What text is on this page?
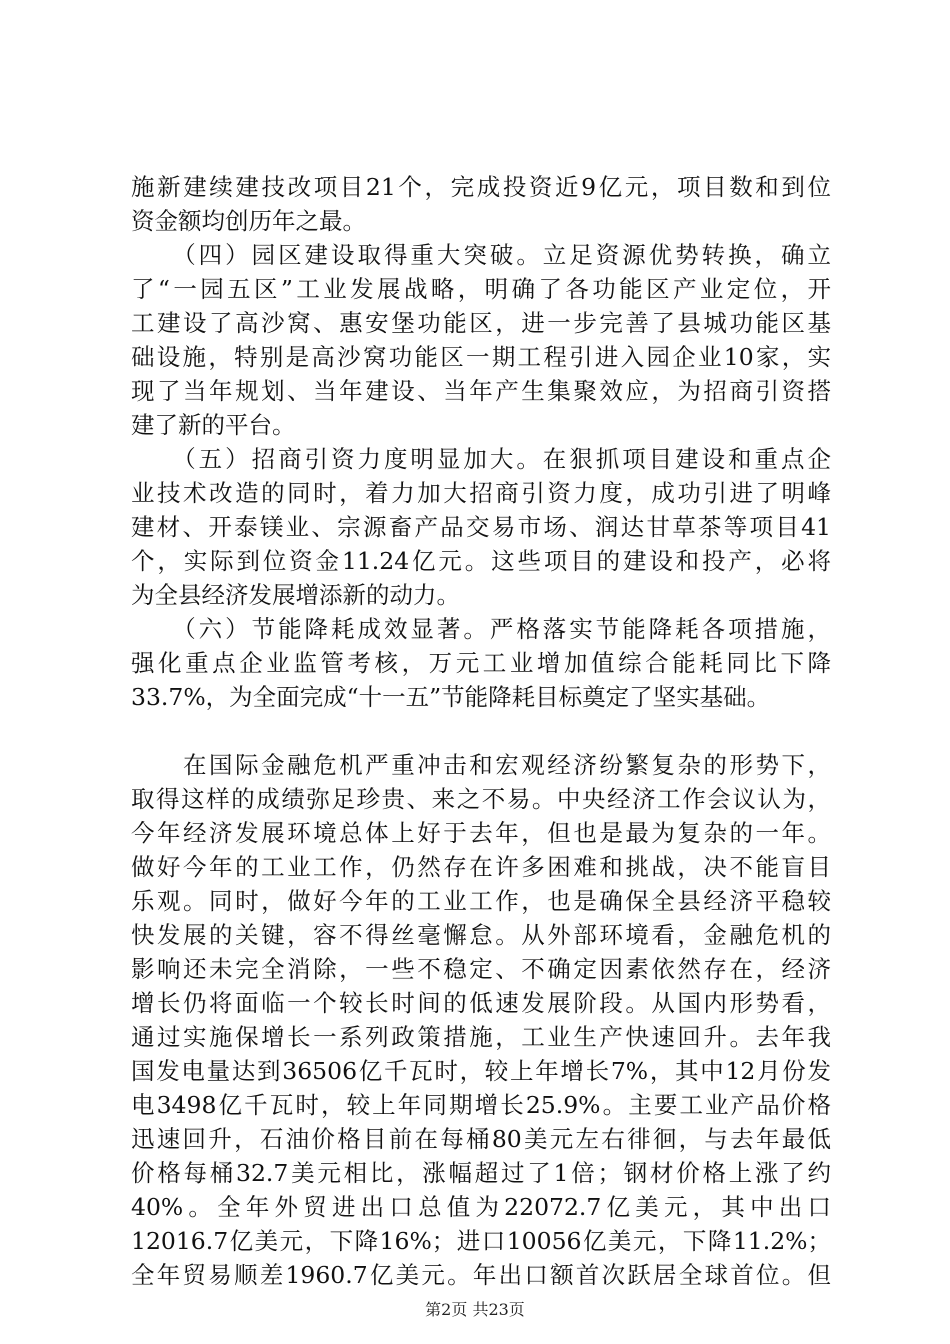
施新建续建技改项目21个，完成投资近9亿元，项目数和到位
资金额均创历年之最。
　　（四）园区建设取得重大突破。立足资源优势转换，确立
了“一园五区”工业发展战略，明确了各功能区产业定位，开
工建设了高沙窝、惠安堡功能区，进一步完善了县城功能区基
础设施，特别是高沙窝功能区一期工程引进入园企业10家，实
现了当年规划、当年建设、当年产生集聚效应，为招商引资搭
建了新的平台。
　　（五）招商引资力度明显加大。在狠抓项目建设和重点企
业技术改造的同时，着力加大招商引资力度，成功引进了明峰
建材、开泰镁业、宗源畜产品交易市场、润达甘草茶等项目41
个，实际到位资金11.24亿元。这些项目的建设和投产，必将
为全县经济发展增添新的动力。
　　（六）节能降耗成效显著。严格落实节能降耗各项措施，
强化重点企业监管考核，万元工业增加值综合能耗同比下降
33.7%，为全面完成“十一五”节能降耗目标奠定了坚实基础。
　　在国际金融危机严重冲击和宏观经济纷繁复杂的形势下，
取得这样的成绩弥足珍贵、来之不易。中央经济工作会议认为，
今年经济发展环境总体上好于去年，但也是最为复杂的一年。
做好今年的工业工作，仍然存在许多困难和挑战，决不能盲目
乐观。同时，做好今年的工业工作，也是确保全县经济平稳较
快发展的关键，容不得丝毫懈怠。从外部环境看，金融危机的
影响还未完全消除，一些不稳定、不确定因素依然存在，经济
增长仍将面临一个较长时间的低速发展阶段。从国内形势看，
通过实施保增长一系列政策措施，工业生产快速回升。去年我
国发电量达到36506亿千瓦时，较上年增长7%，其中12月份发
电3498亿千瓦时，较上年同期增长25.9%。主要工业产品价格
迅速回升，石油价格目前在每桶80美元左右徘徊，与去年最低
价格每桶32.7美元相比，涨幅超过了1倍；钢材价格上涨了约
40%。全年外贸进出口总值为22072.7亿美元，其中出口
12016.7亿美元，下降16%；进口10056亿美元，下降11.2%；
全年贸易顺差1960.7亿美元。年出口额首次跃居全球首位。但
第2页 共23页
